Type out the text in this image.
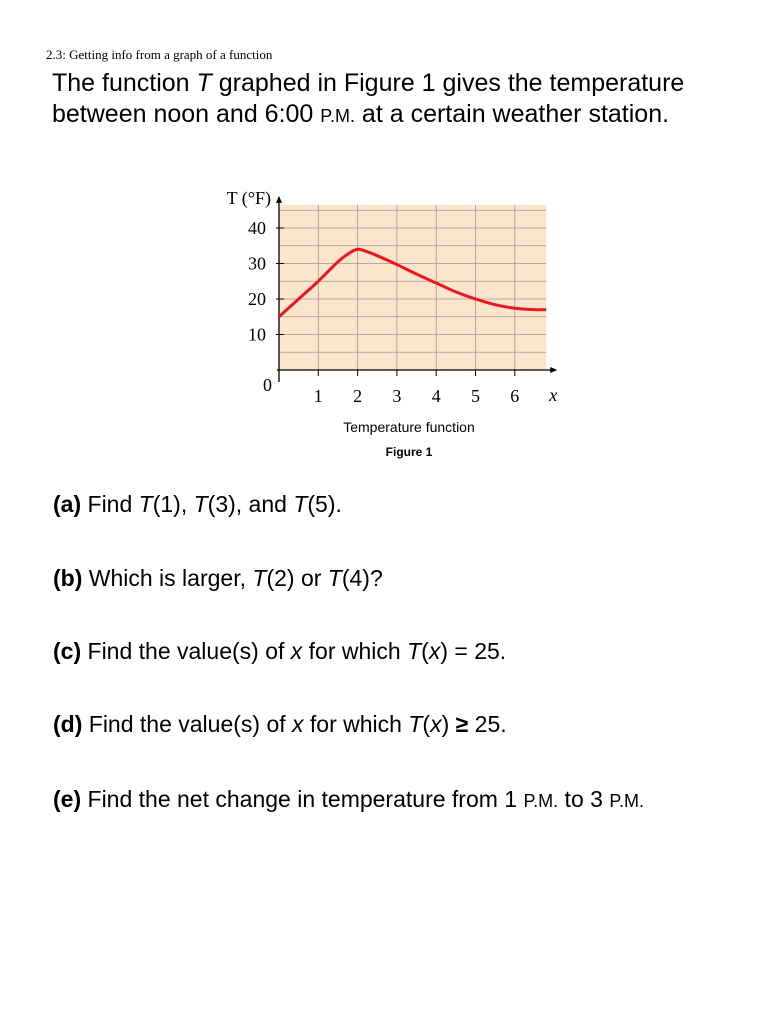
2.3: Getting info from a graph of a function
The function T graphed in Figure 1 gives the temperature between noon and 6:00 P.M. at a certain weather station.
1 2 3 4 5 6
10
20
30
40
0	x
T (°F)
Temperature function
Figure 1
(a) Find T(1), T(3), and T(5).
(b) Which is larger, T(2) or T(4)?
(c) Find the value(s) of x for which T(x) = 25.
(d) Find the value(s) of x for which T(x) ≥ 25.
(e) Find the net change in temperature from 1 P.M. to 3 P.M.
